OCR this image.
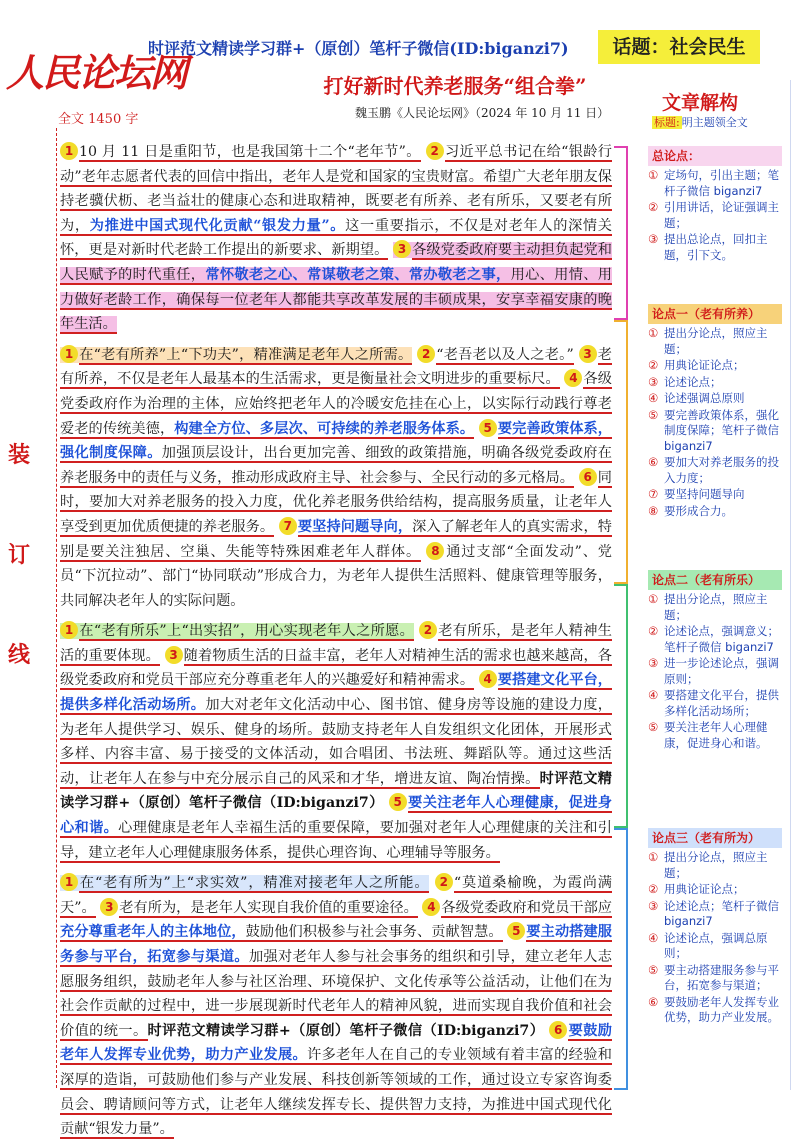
人民论坛网
时评范文精读学习群+（原创）笔杆子微信(ID:biganzi7)	话题：社会民生
打好新时代养老服务“组合拳”
魏玉鹏《人民论坛网》（2024 年 10 月 11 日）
全文 1450 字
装
订
线

1 10 月 11 日是重阳节，也是我国第十二个“老年节”。 2 习近平总书记在给“银龄行动”老年志愿者代表的回信中指出，老年人是党和国家的宝贵财富。希望广大老年朋友保持老骥伏枥、老当益壮的健康心态和进取精神，既要老有所养、老有所乐，又要老有所为，为推进中国式现代化贡献“银发力量”。这一重要指示，不仅是对老年人的深情关怀，更是对新时代老龄工作提出的新要求、新期望。 3 各级党委政府要主动担负起党和人民赋予的时代重任，常怀敬老之心、常谋敬老之策、常办敬老之事，用心、用情、用力做好老龄工作，确保每一位老年人都能共享改革发展的丰硕成果，安享幸福安康的晚年生活。

1 在“老有所养”上“下功夫”，精准满足老年人之所需。 2 “老吾老以及人之老。” 3 老有所养，不仅是老年人最基本的生活需求，更是衡量社会文明进步的重要标尺。 4 各级党委政府作为治理的主体，应始终把老年人的冷暖安危挂在心上，以实际行动践行尊老爱老的传统美德，构建全方位、多层次、可持续的养老服务体系。 5 要完善政策体系，强化制度保障。加强顶层设计，出台更加完善、细致的政策措施，明确各级党委政府在养老服务中的责任与义务，推动形成政府主导、社会参与、全民行动的多元格局。 6 同时，要加大对养老服务的投入力度，优化养老服务供给结构，提高服务质量，让老年人享受到更加优质便捷的养老服务。 7 要坚持问题导向，深入了解老年人的真实需求，特别是要关注独居、空巢、失能等特殊困难老年人群体。 8 通过支部“全面发动”、党员“下沉拉动”、部门“协同联动”形成合力，为老年人提供生活照料、健康管理等服务，共同解决老年人的实际问题。

1 在“老有所乐”上“出实招”，用心实现老年人之所愿。 2 老有所乐，是老年人精神生活的重要体现。 3 随着物质生活的日益丰富，老年人对精神生活的需求也越来越高，各级党委政府和党员干部应充分尊重老年人的兴趣爱好和精神需求。 4 要搭建文化平台，提供多样化活动场所。加大对老年文化活动中心、图书馆、健身房等设施的建设力度，为老年人提供学习、娱乐、健身的场所。鼓励支持老年人自发组织文化团体，开展形式多样、内容丰富、易于接受的文体活动，如合唱团、书法班、舞蹈队等。通过这些活动，让老年人在参与中充分展示自己的风采和才华，增进友谊、陶冶情操。时评范文精读学习群+（原创）笔杆子微信（ID:biganzi7） 5 要关注老年人心理健康，促进身心和谐。心理健康是老年人幸福生活的重要保障，要加强对老年人心理健康的关注和引导，建立老年人心理健康服务体系，提供心理咨询、心理辅导等服务。

1 在“老有所为”上“求实效”，精准对接老年人之所能。 2 “莫道桑榆晚，为霞尚满天”。 3 老有所为，是老年人实现自我价值的重要途径。 4 各级党委政府和党员干部应充分尊重老年人的主体地位，鼓励他们积极参与社会事务、贡献智慧。 5 要主动搭建服务参与平台，拓宽参与渠道。加强对老年人参与社会事务的组织和引导，建立老年人志愿服务组织，鼓励老年人参与社区治理、环境保护、文化传承等公益活动，让他们在为社会作贡献的过程中，进一步展现新时代老年人的精神风貌，进而实现自我价值和社会价值的统一。时评范文精读学习群+（原创）笔杆子微信（ID:biganzi7） 6 要鼓励老年人发挥专业优势，助力产业发展。许多老年人在自己的专业领域有着丰富的经验和深厚的造诣，可鼓励他们参与产业发展、科技创新等领域的工作，通过设立专家咨询委员会、聘请顾问等方式，让老年人继续发挥专长、提供智力支持，为推进中国式现代化贡献“银发力量”。

文章解构
标题: 明主题领全文
总论点：
① 定场句，引出主题；笔杆子微信 biganzi7
② 引用讲话，论证强调主题；
③ 提出总论点，回扣主题，引下文。
论点一（老有所养）
① 提出分论点，照应主题；
② 用典论证论点；
③ 论述论点；
④ 论述强调总原则
⑤ 要完善政策体系，强化制度保障；笔杆子微信 biganzi7
⑥ 要加大对养老服务的投入力度；
⑦ 要坚持问题导向
⑧ 要形成合力。
论点二（老有所乐）
① 提出分论点，照应主题；
② 论述论点，强调意义；笔杆子微信 biganzi7
③ 进一步论述论点，强调原则；
④ 要搭建文化平台，提供多样化活动场所；
⑤ 要关注老年人心理健康，促进身心和谐。
论点三（老有所为）
① 提出分论点，照应主题；
② 用典论证论点；
③ 论述论点；笔杆子微信 biganzi7
④ 论述论点，强调总原则；
⑤ 要主动搭建服务参与平台，拓宽参与渠道；
⑥ 要鼓励老年人发挥专业优势，助力产业发展。
